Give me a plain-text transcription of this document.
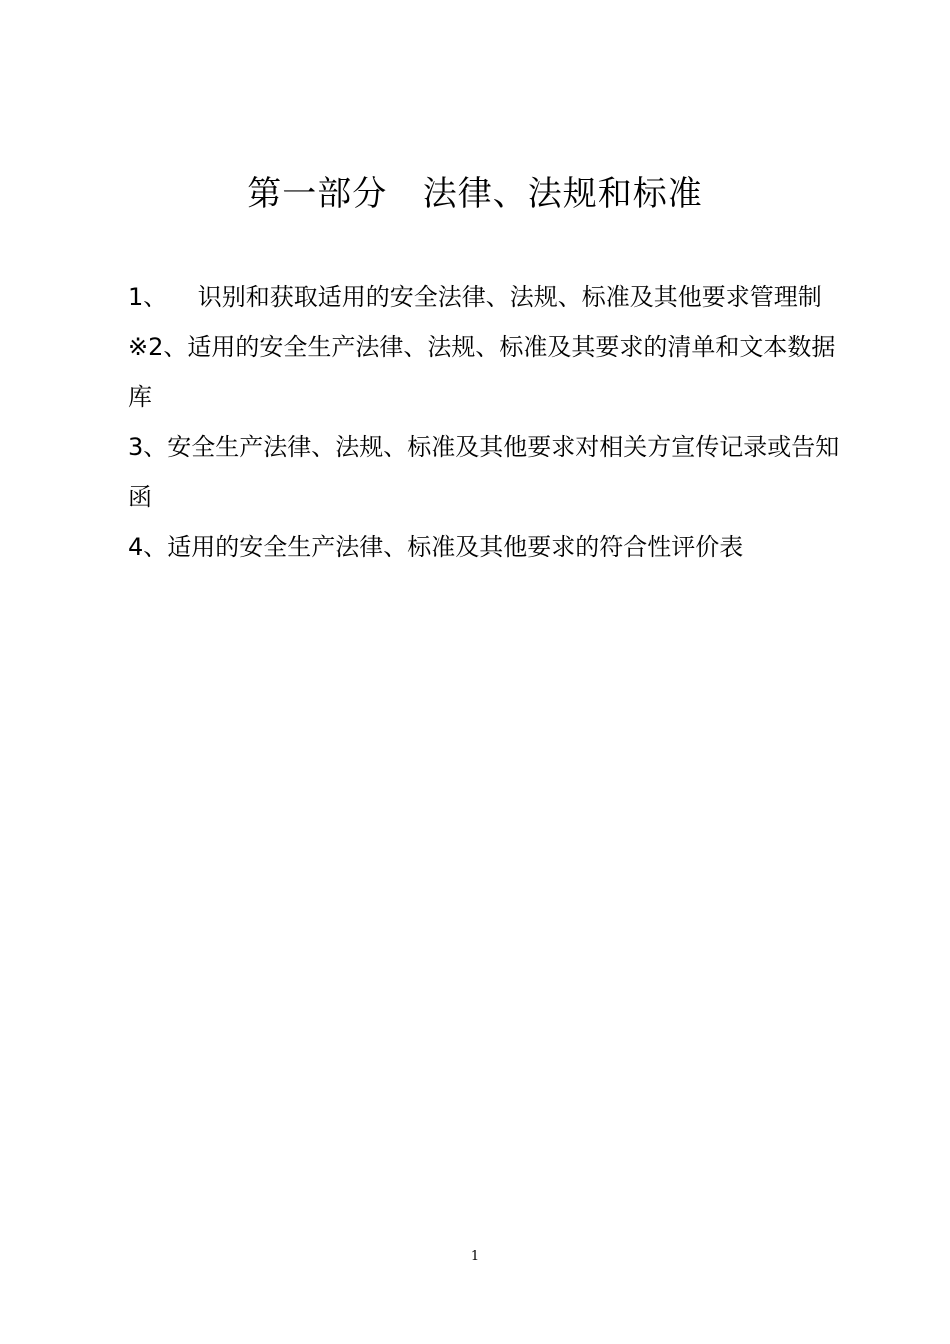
第一部分   法律、法规和标准
1、    识别和获取适用的安全法律、法规、标准及其他要求管理制
※2、适用的安全生产法律、法规、标准及其要求的清单和文本数据库
3、安全生产法律、法规、标准及其他要求对相关方宣传记录或告知函
4、适用的安全生产法律、标准及其他要求的符合性评价表
1
